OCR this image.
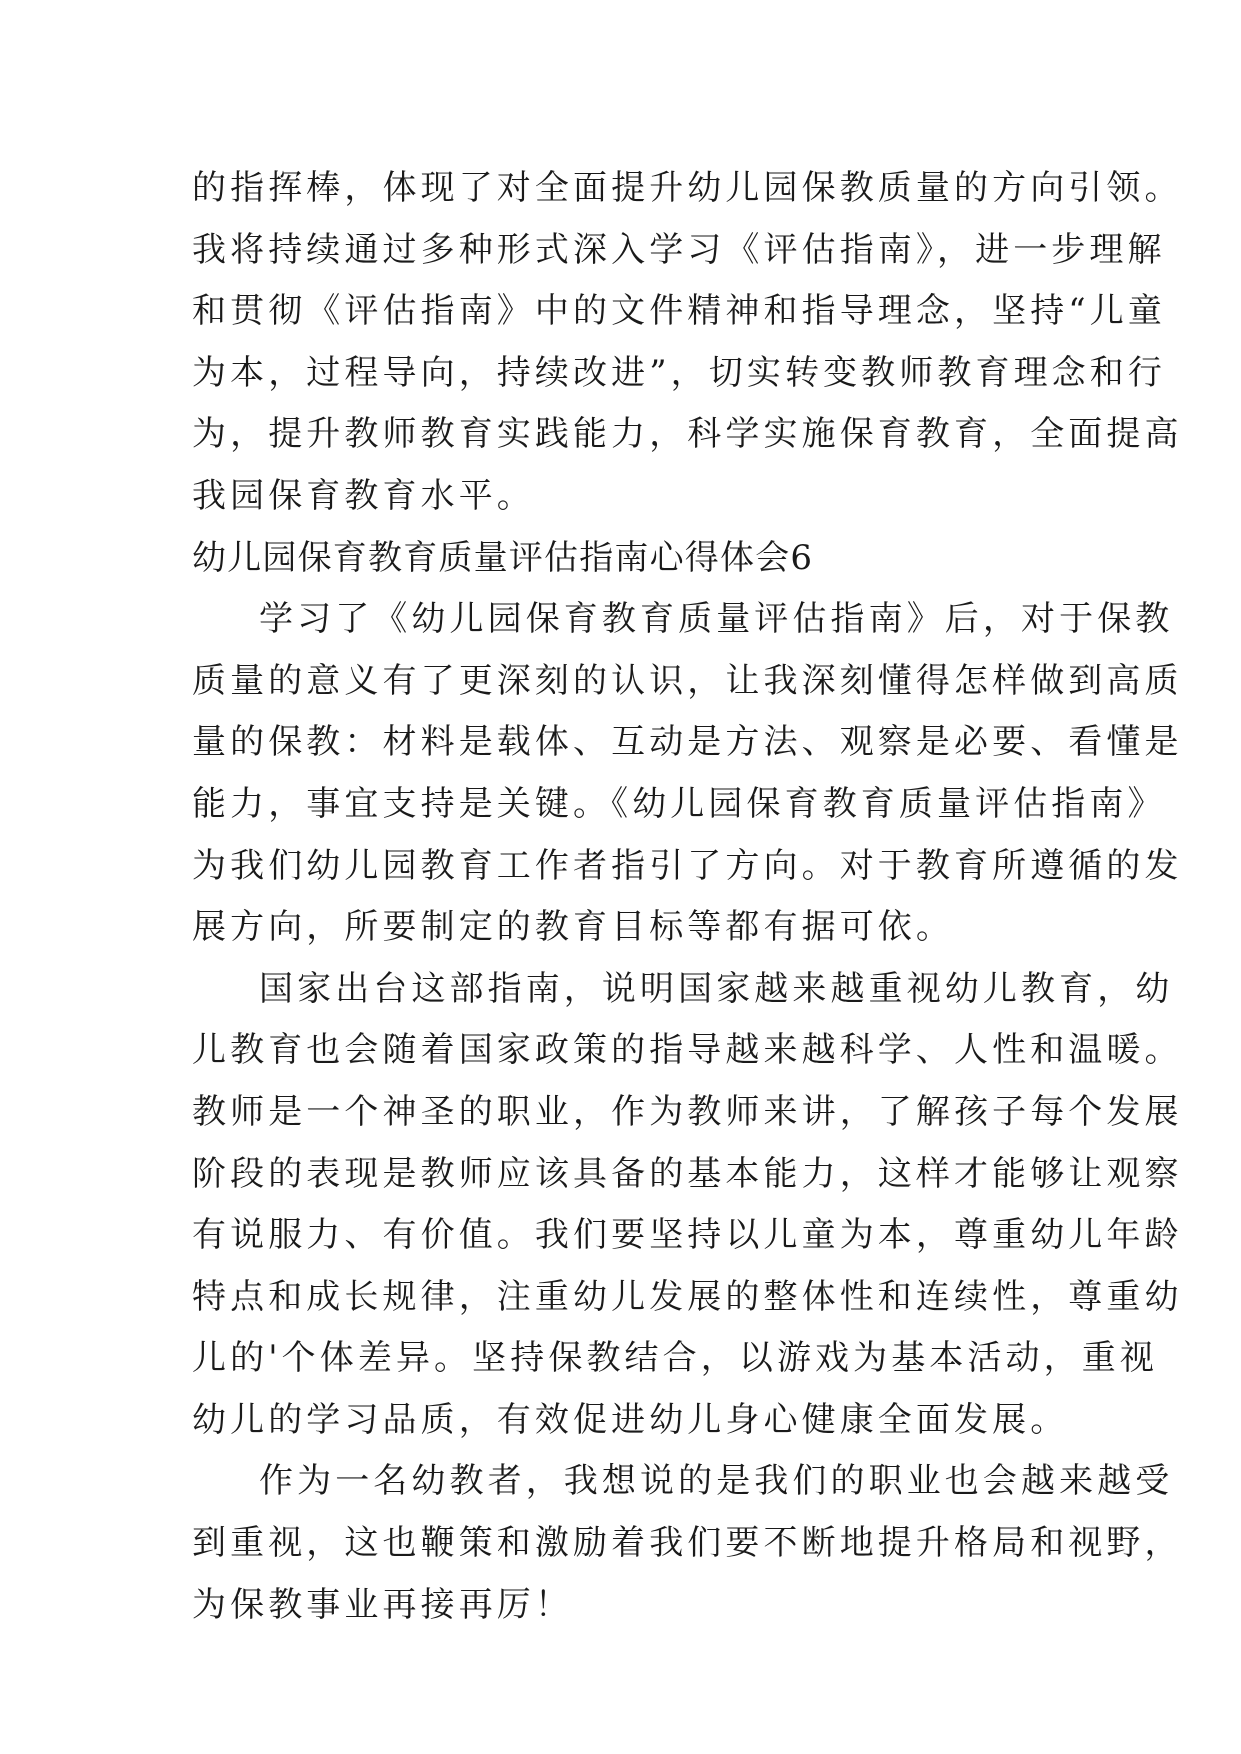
的指挥棒，体现了对全面提升幼儿园保教质量的方向引领。
我将持续通过多种形式深入学习《评估指南》，进一步理解
和贯彻《评估指南》中的文件精神和指导理念，坚持“儿童
为本，过程导向，持续改进”，切实转变教师教育理念和行
为，提升教师教育实践能力，科学实施保育教育，全面提高
我园保育教育水平。
幼儿园保育教育质量评估指南心得体会6
学习了《幼儿园保育教育质量评估指南》后，对于保教
质量的意义有了更深刻的认识，让我深刻懂得怎样做到高质
量的保教：材料是载体、互动是方法、观察是必要、看懂是
能力，事宜支持是关键。《幼儿园保育教育质量评估指南》
为我们幼儿园教育工作者指引了方向。对于教育所遵循的发
展方向，所要制定的教育目标等都有据可依。
国家出台这部指南，说明国家越来越重视幼儿教育，幼
儿教育也会随着国家政策的指导越来越科学、人性和温暖。
教师是一个神圣的职业，作为教师来讲，了解孩子每个发展
阶段的表现是教师应该具备的基本能力，这样才能够让观察
有说服力、有价值。我们要坚持以儿童为本，尊重幼儿年龄
特点和成长规律，注重幼儿发展的整体性和连续性，尊重幼
儿的'个体差异。坚持保教结合，以游戏为基本活动，重视
幼儿的学习品质，有效促进幼儿身心健康全面发展。
作为一名幼教者，我想说的是我们的职业也会越来越受
到重视，这也鞭策和激励着我们要不断地提升格局和视野，
为保教事业再接再厉！
